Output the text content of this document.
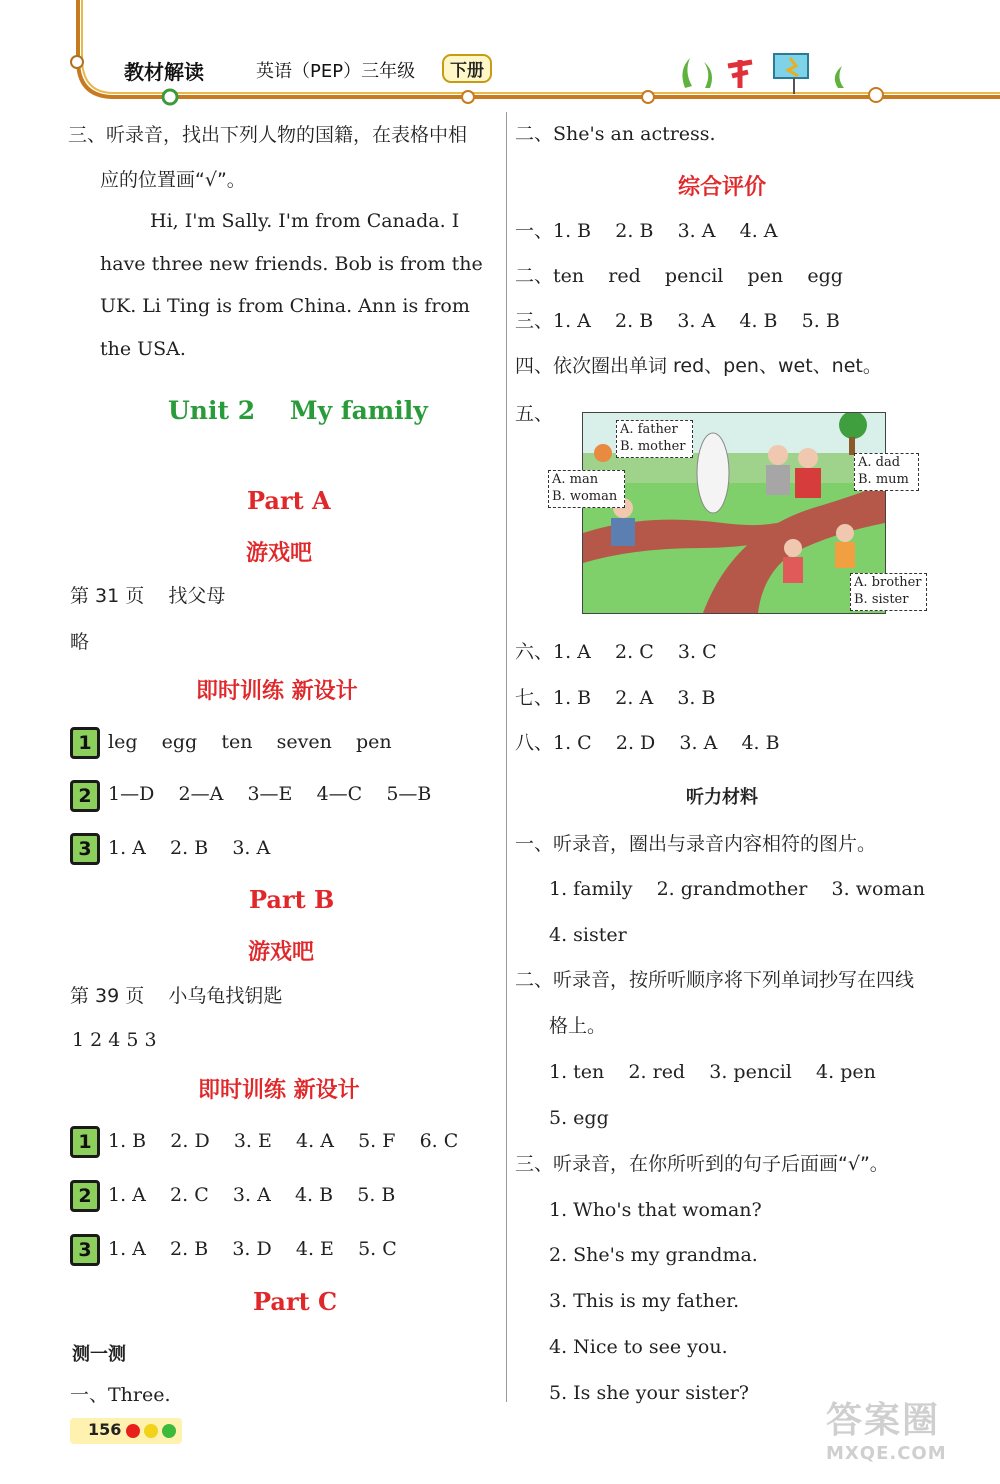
教材解读	英语（PEP）三年级	下册
三、听录音，找出下列人物的国籍，在表格中相
应的位置画“√”。
Hi, I'm Sally. I'm from Canada. I
have three new friends. Bob is from the
UK. Li Ting is from China. Ann is from
the USA.
Unit 2    My family
Part A
游戏吧
第 31 页    找父母
略
即时训练 新设计
1 leg    egg    ten    seven    pen
2 1—D    2—A    3—E    4—C    5—B
3 1. A    2. B    3. A
Part B
游戏吧
第 39 页    小乌龟找钥匙
1 2 4 5 3
即时训练 新设计
1 1. B    2. D    3. E    4. A    5. F    6. C
2 1. A    2. C    3. A    4. B    5. B
3 1. A    2. B    3. D    4. E    5. C
Part C
测一测
一、Three.
156
二、She's an actress.
综合评价
一、1. B    2. B    3. A    4. A
二、ten    red    pencil    pen    egg
三、1. A    2. B    3. A    4. B    5. B
四、依次圈出单词 red、pen、wet、net。
五、
A. father
B. mother
A. man
B. woman
A. dad
B. mum
A. brother
B. sister
六、1. A    2. C    3. C
七、1. B    2. A    3. B
八、1. C    2. D    3. A    4. B
听力材料
一、听录音，圈出与录音内容相符的图片。
1. family    2. grandmother    3. woman
4. sister
二、听录音，按所听顺序将下列单词抄写在四线
格上。
1. ten    2. red    3. pencil    4. pen
5. egg
三、听录音，在你所听到的句子后面画“√”。
1. Who's that woman?
2. She's my grandma.
3. This is my father.
4. Nice to see you.
5. Is she your sister?
答案圈
MXQE.COM
